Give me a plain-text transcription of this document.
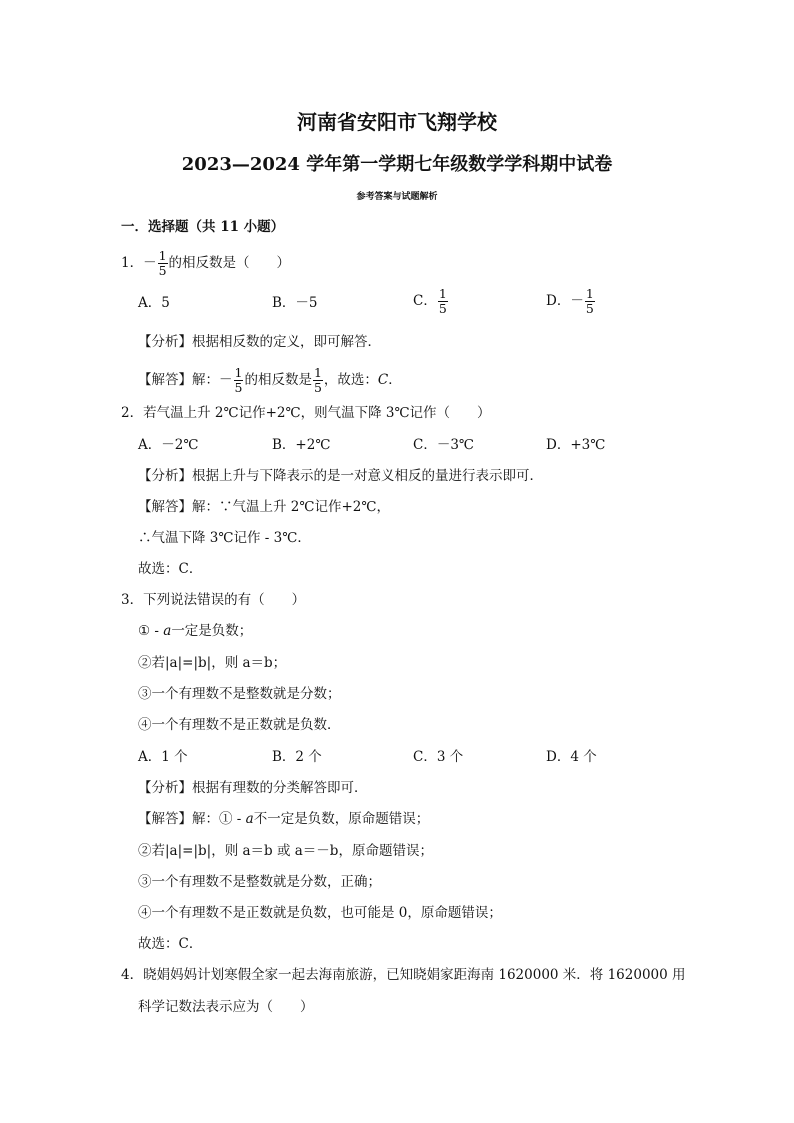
河南省安阳市飞翔学校
2023—2024 学年第一学期七年级数学学科期中试卷
参考答案与试题解析
一．选择题（共 11 小题）
1．－ $\frac{1}{5}$ 的相反数是（　　）
A．5	B．－5	C． $\frac{1}{5}$	D．－ $\frac{1}{5}$
【分析】根据相反数的定义，即可解答．
【解答】解：－ $\frac{1}{5}$ 的相反数是 $\frac{1}{5}$ ，故选：C．
2．若气温上升 2℃记作+2℃，则气温下降 3℃记作（　　）
A．－2℃	B．+2℃	C．－3℃	D．+3℃
【分析】根据上升与下降表示的是一对意义相反的量进行表示即可．
【解答】解：∵气温上升 2℃记作+2℃，
∴气温下降 3℃记作 - 3℃．
故选：C．
3．下列说法错误的有（　　）
① - a一定是负数；
②若|a|=|b|，则 a＝b；
③一个有理数不是整数就是分数；
④一个有理数不是正数就是负数．
A．1 个	B．2 个	C．3 个	D．4 个
【分析】根据有理数的分类解答即可．
【解答】解：① - a不一定是负数，原命题错误；
②若|a|=|b|，则 a＝b 或 a＝－b，原命题错误；
③一个有理数不是整数就是分数，正确；
④一个有理数不是正数就是负数，也可能是 0，原命题错误；
故选：C．
4．晓娟妈妈计划寒假全家一起去海南旅游，已知晓娟家距海南 1620000 米．将 1620000 用
科学记数法表示应为（　　）
